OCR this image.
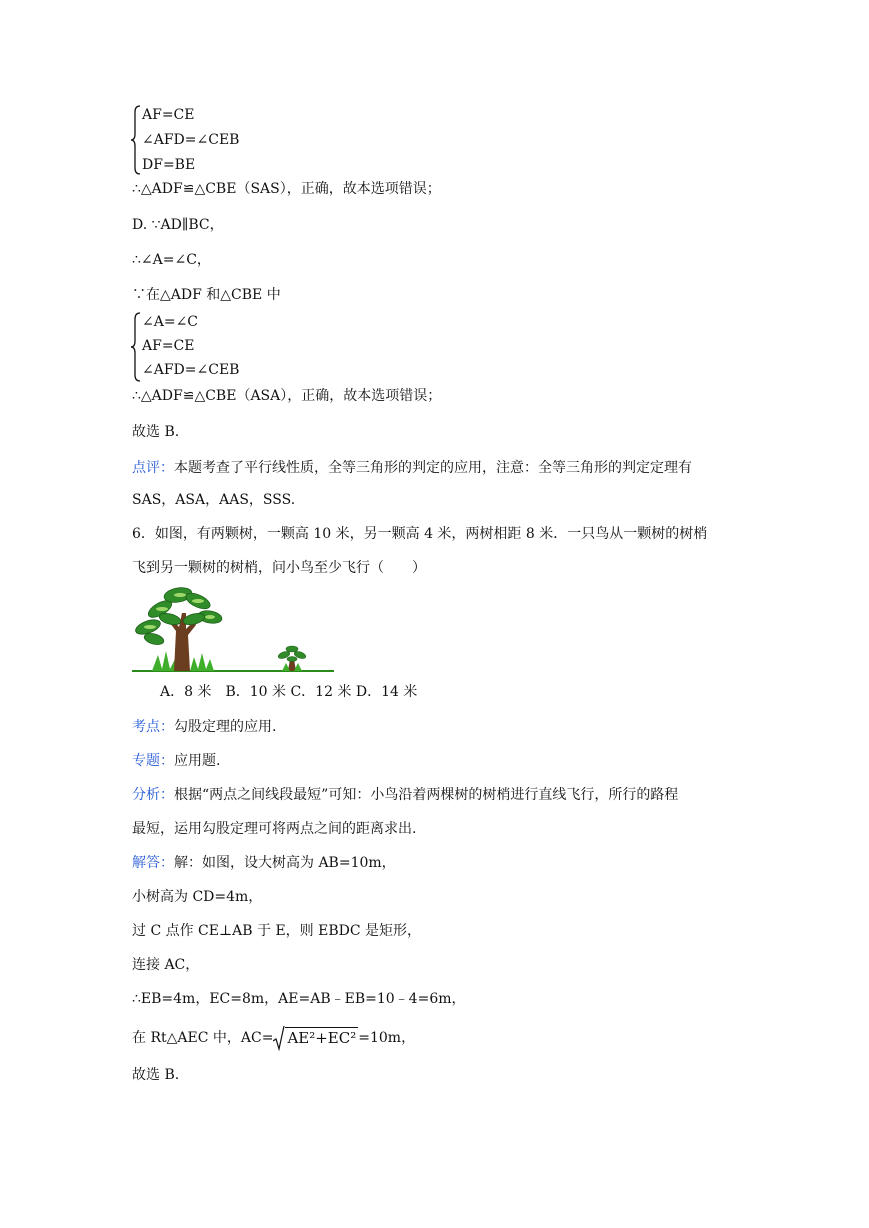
AF=CE
∠AFD=∠CEB
DF=BE
∴△ADF≌△CBE（SAS），正确，故本选项错误；
D. ∵AD∥BC，
∴∠A=∠C，
∵在△ADF 和△CBE 中
∠A=∠C
AF=CE
∠AFD=∠CEB
∴△ADF≌△CBE（ASA），正确，故本选项错误；
故选 B.
点评：本题考查了平行线性质，全等三角形的判定的应用，注意：全等三角形的判定定理有
SAS，ASA，AAS，SSS.
6．如图，有两颗树，一颗高 10 米，另一颗高 4 米，两树相距 8 米．一只鸟从一颗树的树梢
飞到另一颗树的树梢，问小鸟至少飞行（　　）
A．8 米　B．10 米 C．12 米 D．14 米
考点：勾股定理的应用.
专题：应用题.
分析：根据“两点之间线段最短”可知：小鸟沿着两棵树的树梢进行直线飞行，所行的路程
最短，运用勾股定理可将两点之间的距离求出.
解答：解：如图，设大树高为 AB=10m，
小树高为 CD=4m，
过 C 点作 CE⊥AB 于 E，则 EBDC 是矩形，
连接 AC，
∴EB=4m，EC=8m，AE=AB﹣EB=10﹣4=6m，
在 Rt△AEC 中，AC= AE²+EC² =10m，
故选 B.
